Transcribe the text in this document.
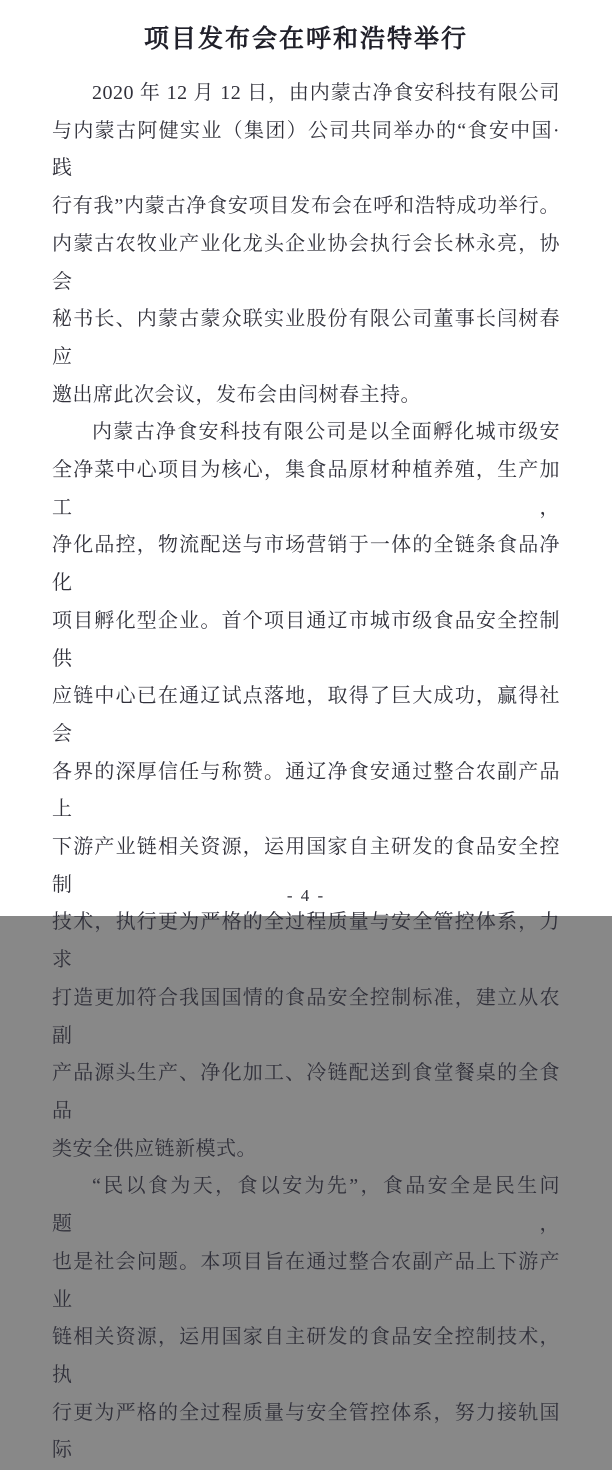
项目发布会在呼和浩特举行
2020 年 12 月 12 日，由内蒙古净食安科技有限公司
与内蒙古阿健实业（集团）公司共同举办的“食安中国·践
行有我”内蒙古净食安项目发布会在呼和浩特成功举行。
内蒙古农牧业产业化龙头企业协会执行会长林永亮，协会
秘书长、内蒙古蒙众联实业股份有限公司董事长闫树春应
邀出席此次会议，发布会由闫树春主持。
内蒙古净食安科技有限公司是以全面孵化城市级安
全净菜中心项目为核心，集食品原材种植养殖，生产加工，
净化品控，物流配送与市场营销于一体的全链条食品净化
项目孵化型企业。首个项目通辽市城市级食品安全控制供
应链中心已在通辽试点落地，取得了巨大成功，赢得社会
各界的深厚信任与称赞。通辽净食安通过整合农副产品上
下游产业链相关资源，运用国家自主研发的食品安全控制
技术，执行更为严格的全过程质量与安全管控体系，力求
打造更加符合我国国情的食品安全控制标准，建立从农副
产品源头生产、净化加工、冷链配送到食堂餐桌的全食品
类安全供应链新模式。
“民以食为天，食以安为先”，食品安全是民生问题，
也是社会问题。本项目旨在通过整合农副产品上下游产业
链相关资源，运用国家自主研发的食品安全控制技术，执
行更为严格的全过程质量与安全管控体系，努力接轨国际
- 4 -
